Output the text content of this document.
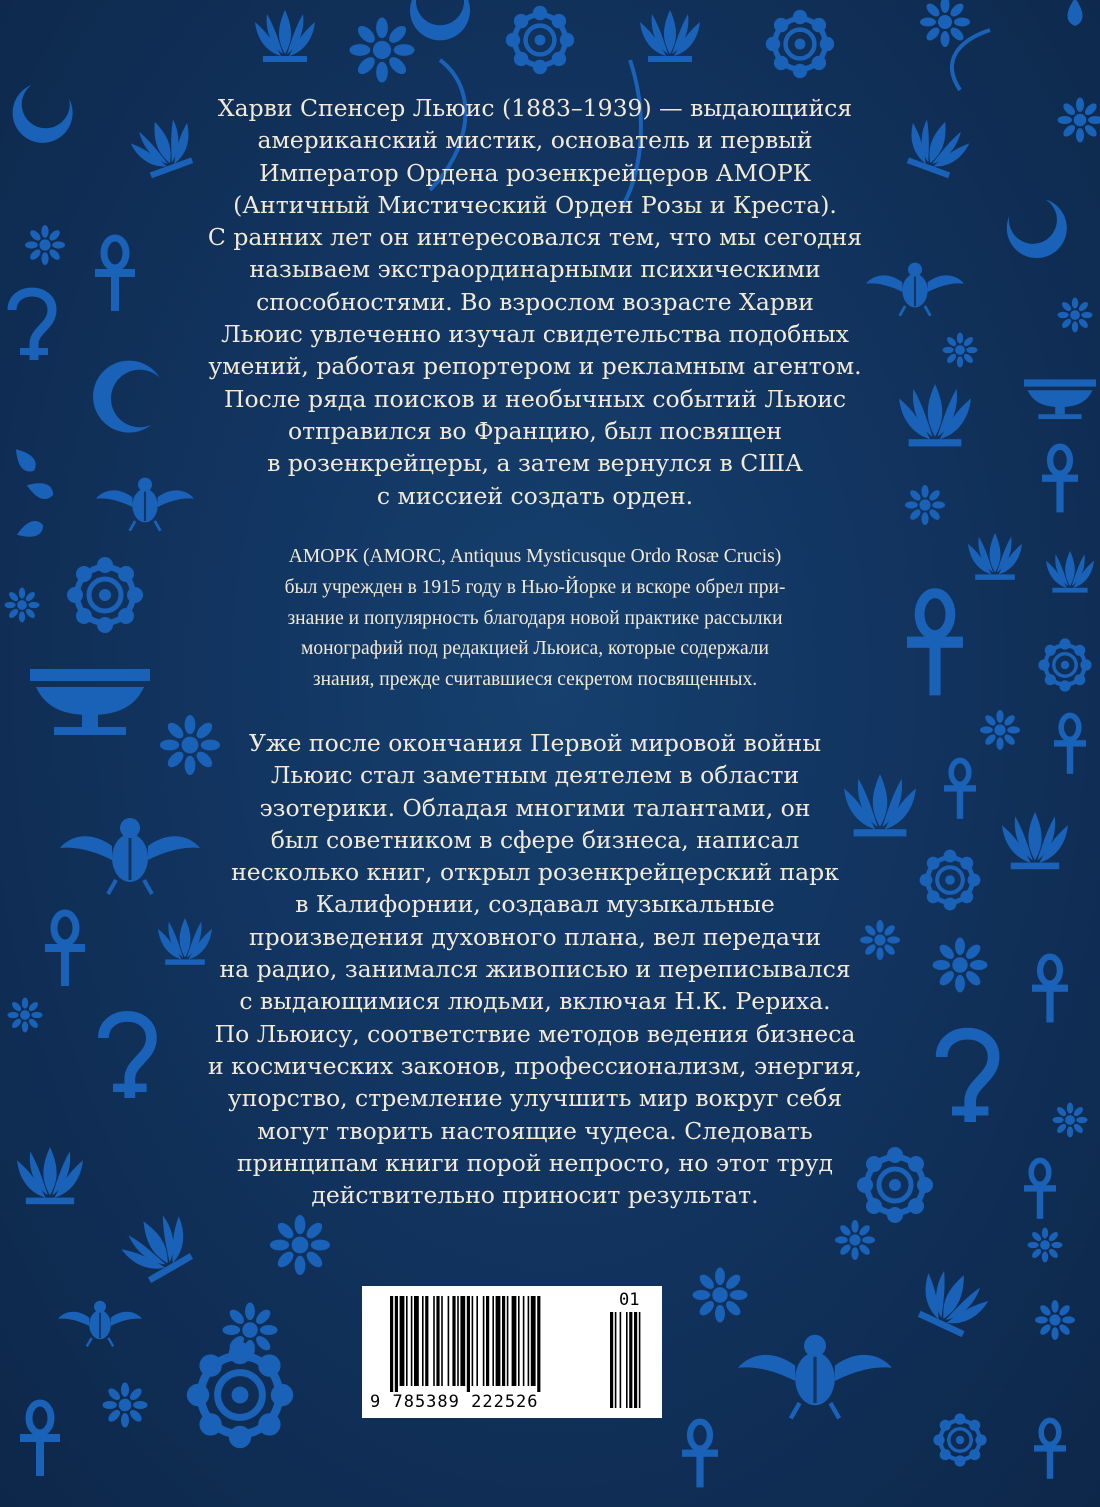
Харви Спенсер Льюис (1883–1939) — выдающийся
американский мистик, основатель и первый
Император Ордена розенкрейцеров АМОРК
(Античный Мистический Орден Розы и Креста).
С ранних лет он интересовался тем, что мы сегодня
называем экстраординарными психическими
способностями. Во взрослом возрасте Харви
Льюис увлеченно изучал свидетельства подобных
умений, работая репортером и рекламным агентом.
После ряда поисков и необычных событий Льюис
отправился во Францию, был посвящен
в розенкрейцеры, а затем вернулся в США
с миссией создать орден.
АМОРК (AMORC, Antiquus Mysticusque Ordo Rosæ Crucis)
был учрежден в 1915 году в Нью-Йорке и вскоре обрел при-
знание и популярность благодаря новой практике рассылки
монографий под редакцией Льюиса, которые содержали
знания, прежде считавшиеся секретом посвященных.
Уже после окончания Первой мировой войны
Льюис стал заметным деятелем в области
эзотерики. Обладая многими талантами, он
был советником в сфере бизнеса, написал
несколько книг, открыл розенкрейцерский парк
в Калифорнии, создавал музыкальные
произведения духовного плана, вел передачи
на радио, занимался живописью и переписывался
с выдающимися людьми, включая Н.К. Рериха.
По Льюису, соответствие методов ведения бизнеса
и космических законов, профессионализм, энергия,
упорство, стремление улучшить мир вокруг себя
могут творить настоящие чудеса. Следовать
принципам книги порой непросто, но этот труд
действительно приносит результат.
9 785389 222526
01
